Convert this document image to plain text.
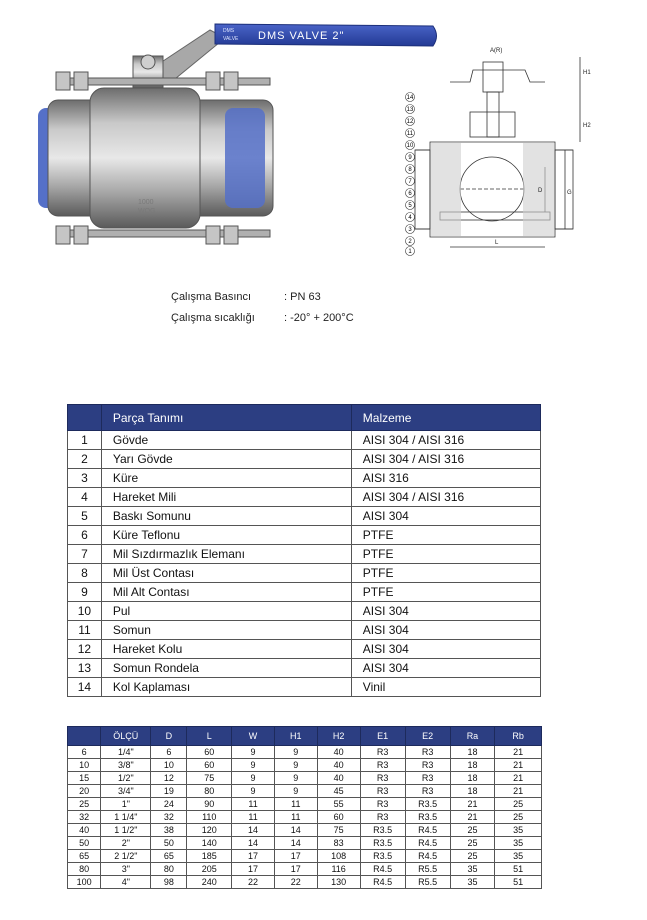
DMS
VALVE DMS VALVE 2"
1000
WOG
14
13
12
11
10
9
8
7
6
5
4
3
2
1
A(R)
H1
H2
D	G
L
Çalışma Basıncı	: PN 63
Çalışma sıcaklığı	: -20° + 200°C
	Parça Tanımı	Malzeme
1	Gövde	AISI 304 / AISI 316
2	Yarı Gövde	AISI 304 / AISI 316
3	Küre	AISI 316
4	Hareket Mili	AISI 304 / AISI 316
5	Baskı Somunu	AISI 304
6	Küre Teflonu	PTFE
7	Mil Sızdırmazlık Elemanı	PTFE
8	Mil Üst Contası	PTFE
9	Mil Alt Contası	PTFE
10	Pul	AISI 304
11	Somun	AISI 304
12	Hareket Kolu	AISI 304
13	Somun Rondela	AISI 304
14	Kol Kaplaması	Vinil
	ÖLÇÜ	D	L	W	H1	H2	E1	E2	Ra	Rb
6	1/4"	6	60	9	9	40	R3	R3	18	21
10	3/8"	10	60	9	9	40	R3	R3	18	21
15	1/2"	12	75	9	9	40	R3	R3	18	21
20	3/4"	19	80	9	9	45	R3	R3	18	21
25	1"	24	90	11	11	55	R3	R3.5	21	25
32	1 1/4"	32	110	11	11	60	R3	R3.5	21	25
40	1 1/2"	38	120	14	14	75	R3.5	R4.5	25	35
50	2"	50	140	14	14	83	R3.5	R4.5	25	35
65	2 1/2"	65	185	17	17	108	R3.5	R4.5	25	35
80	3"	80	205	17	17	116	R4.5	R5.5	35	51
100	4"	98	240	22	22	130	R4.5	R5.5	35	51
